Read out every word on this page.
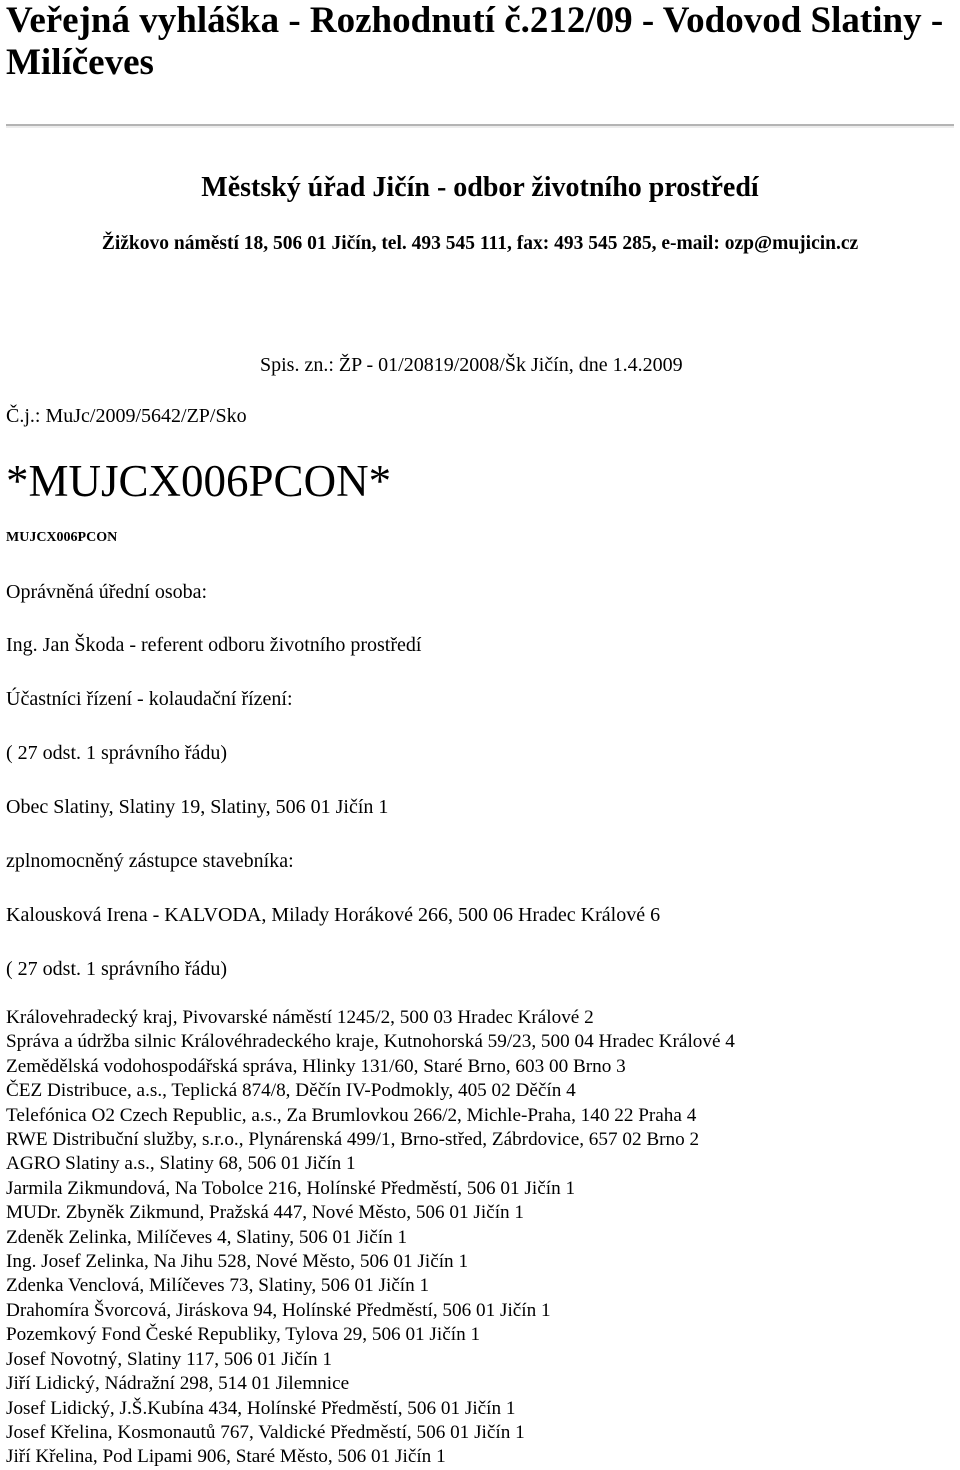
Veřejná vyhláška - Rozhodnutí č.212/09 - Vodovod Slatiny - Milíčeves
Městský úřad Jičín - odbor životního prostředí

Žižkovo náměstí 18, 506 01 Jičín, tel. 493 545 111, fax: 493 545 285, e-mail: ozp@mujicin.cz

Spis. zn.: ŽP - 01/20819/2008/Šk Jičín, dne 1.4.2009
Č.j.: MuJc/2009/5642/ZP/Sko
*MUJCX006PCON*
MUJCX006PCON
Oprávněná úřední osoba:
Ing. Jan Škoda - referent odboru životního prostředí
Účastníci řízení - kolaudační řízení:
( 27 odst. 1 správního řádu)
Obec Slatiny, Slatiny 19, Slatiny, 506 01 Jičín 1
zplnomocněný zástupce stavebníka:
Kalousková Irena - KALVODA, Milady Horákové 266, 500 06 Hradec Králové 6
( 27 odst. 1 správního řádu)
Královehradecký kraj, Pivovarské náměstí 1245/2, 500 03 Hradec Králové 2
Správa a údržba silnic Královéhradeckého kraje, Kutnohorská 59/23, 500 04 Hradec Králové 4
Zemědělská vodohospodářská správa, Hlinky 131/60, Staré Brno, 603 00 Brno 3
ČEZ Distribuce, a.s., Teplická 874/8, Děčín IV-Podmokly, 405 02 Děčín 4
Telefónica O2 Czech Republic, a.s., Za Brumlovkou 266/2, Michle-Praha, 140 22 Praha 4
RWE Distribuční služby, s.r.o., Plynárenská 499/1, Brno-střed, Zábrdovice, 657 02 Brno 2
AGRO Slatiny a.s., Slatiny 68, 506 01 Jičín 1
Jarmila Zikmundová, Na Tobolce 216, Holínské Předměstí, 506 01 Jičín 1
MUDr. Zbyněk Zikmund, Pražská 447, Nové Město, 506 01 Jičín 1
Zdeněk Zelinka, Milíčeves 4, Slatiny, 506 01 Jičín 1
Ing. Josef Zelinka, Na Jihu 528, Nové Město, 506 01 Jičín 1
Zdenka Venclová, Milíčeves 73, Slatiny, 506 01 Jičín 1
Drahomíra Švorcová, Jiráskova 94, Holínské Předměstí, 506 01 Jičín 1
Pozemkový Fond České Republiky, Tylova 29, 506 01 Jičín 1
Josef Novotný, Slatiny 117, 506 01 Jičín 1
Jiří Lidický, Nádražní 298, 514 01 Jilemnice
Josef Lidický, J.Š.Kubína 434, Holínské Předměstí, 506 01 Jičín 1
Josef Křelina, Kosmonautů 767, Valdické Předměstí, 506 01 Jičín 1
Jiří Křelina, Pod Lipami 906, Staré Město, 506 01 Jičín 1
